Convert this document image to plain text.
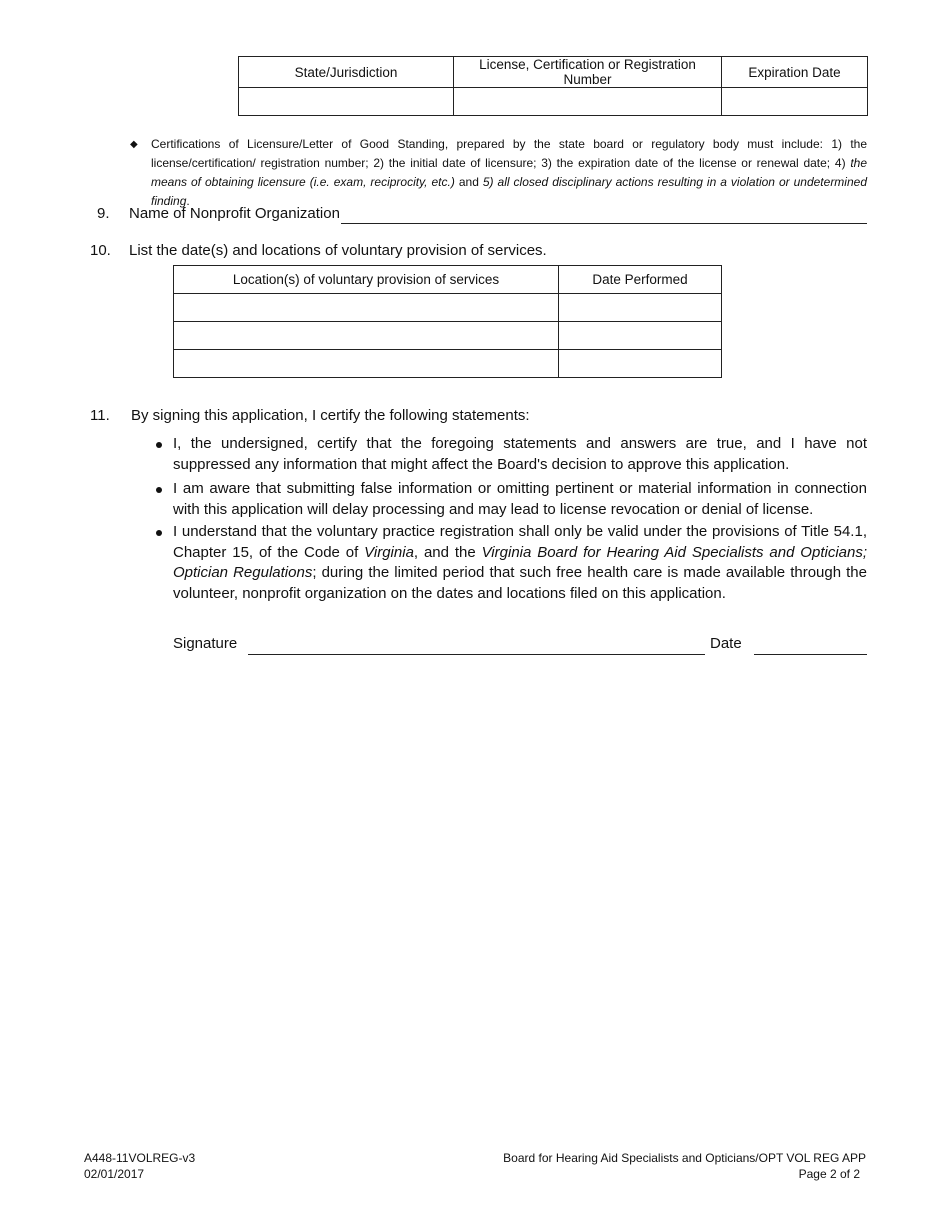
State/Jurisdiction	License, Certification or Registration Number	Expiration Date

◆ Certifications of Licensure/Letter of Good Standing, prepared by the state board or regulatory body must include: 1) the license/certification/ registration number; 2) the initial date of licensure; 3) the expiration date of the license or renewal date; 4) the means of obtaining licensure (i.e. exam, reciprocity, etc.) and 5) all closed disciplinary actions resulting in a violation or undetermined finding.
9. Name of Nonprofit Organization
10. List the date(s) and locations of voluntary provision of services.
Location(s) of voluntary provision of services	Date Performed

11. By signing this application, I certify the following statements:
I, the undersigned, certify that the foregoing statements and answers are true, and I have not suppressed any information that might affect the Board's decision to approve this application.
I am aware that submitting false information or omitting pertinent or material information in connection with this application will delay processing and may lead to license revocation or denial of license.
I understand that the voluntary practice registration shall only be valid under the provisions of Title 54.1, Chapter 15, of the Code of Virginia, and the Virginia Board for Hearing Aid Specialists and Opticians; Optician Regulations; during the limited period that such free health care is made available through the volunteer, nonprofit organization on the dates and locations filed on this application.
Signature	Date
A448-11VOLREG-v3
02/01/2017
Board for Hearing Aid Specialists and Opticians/OPT VOL REG APP
Page 2 of 2
